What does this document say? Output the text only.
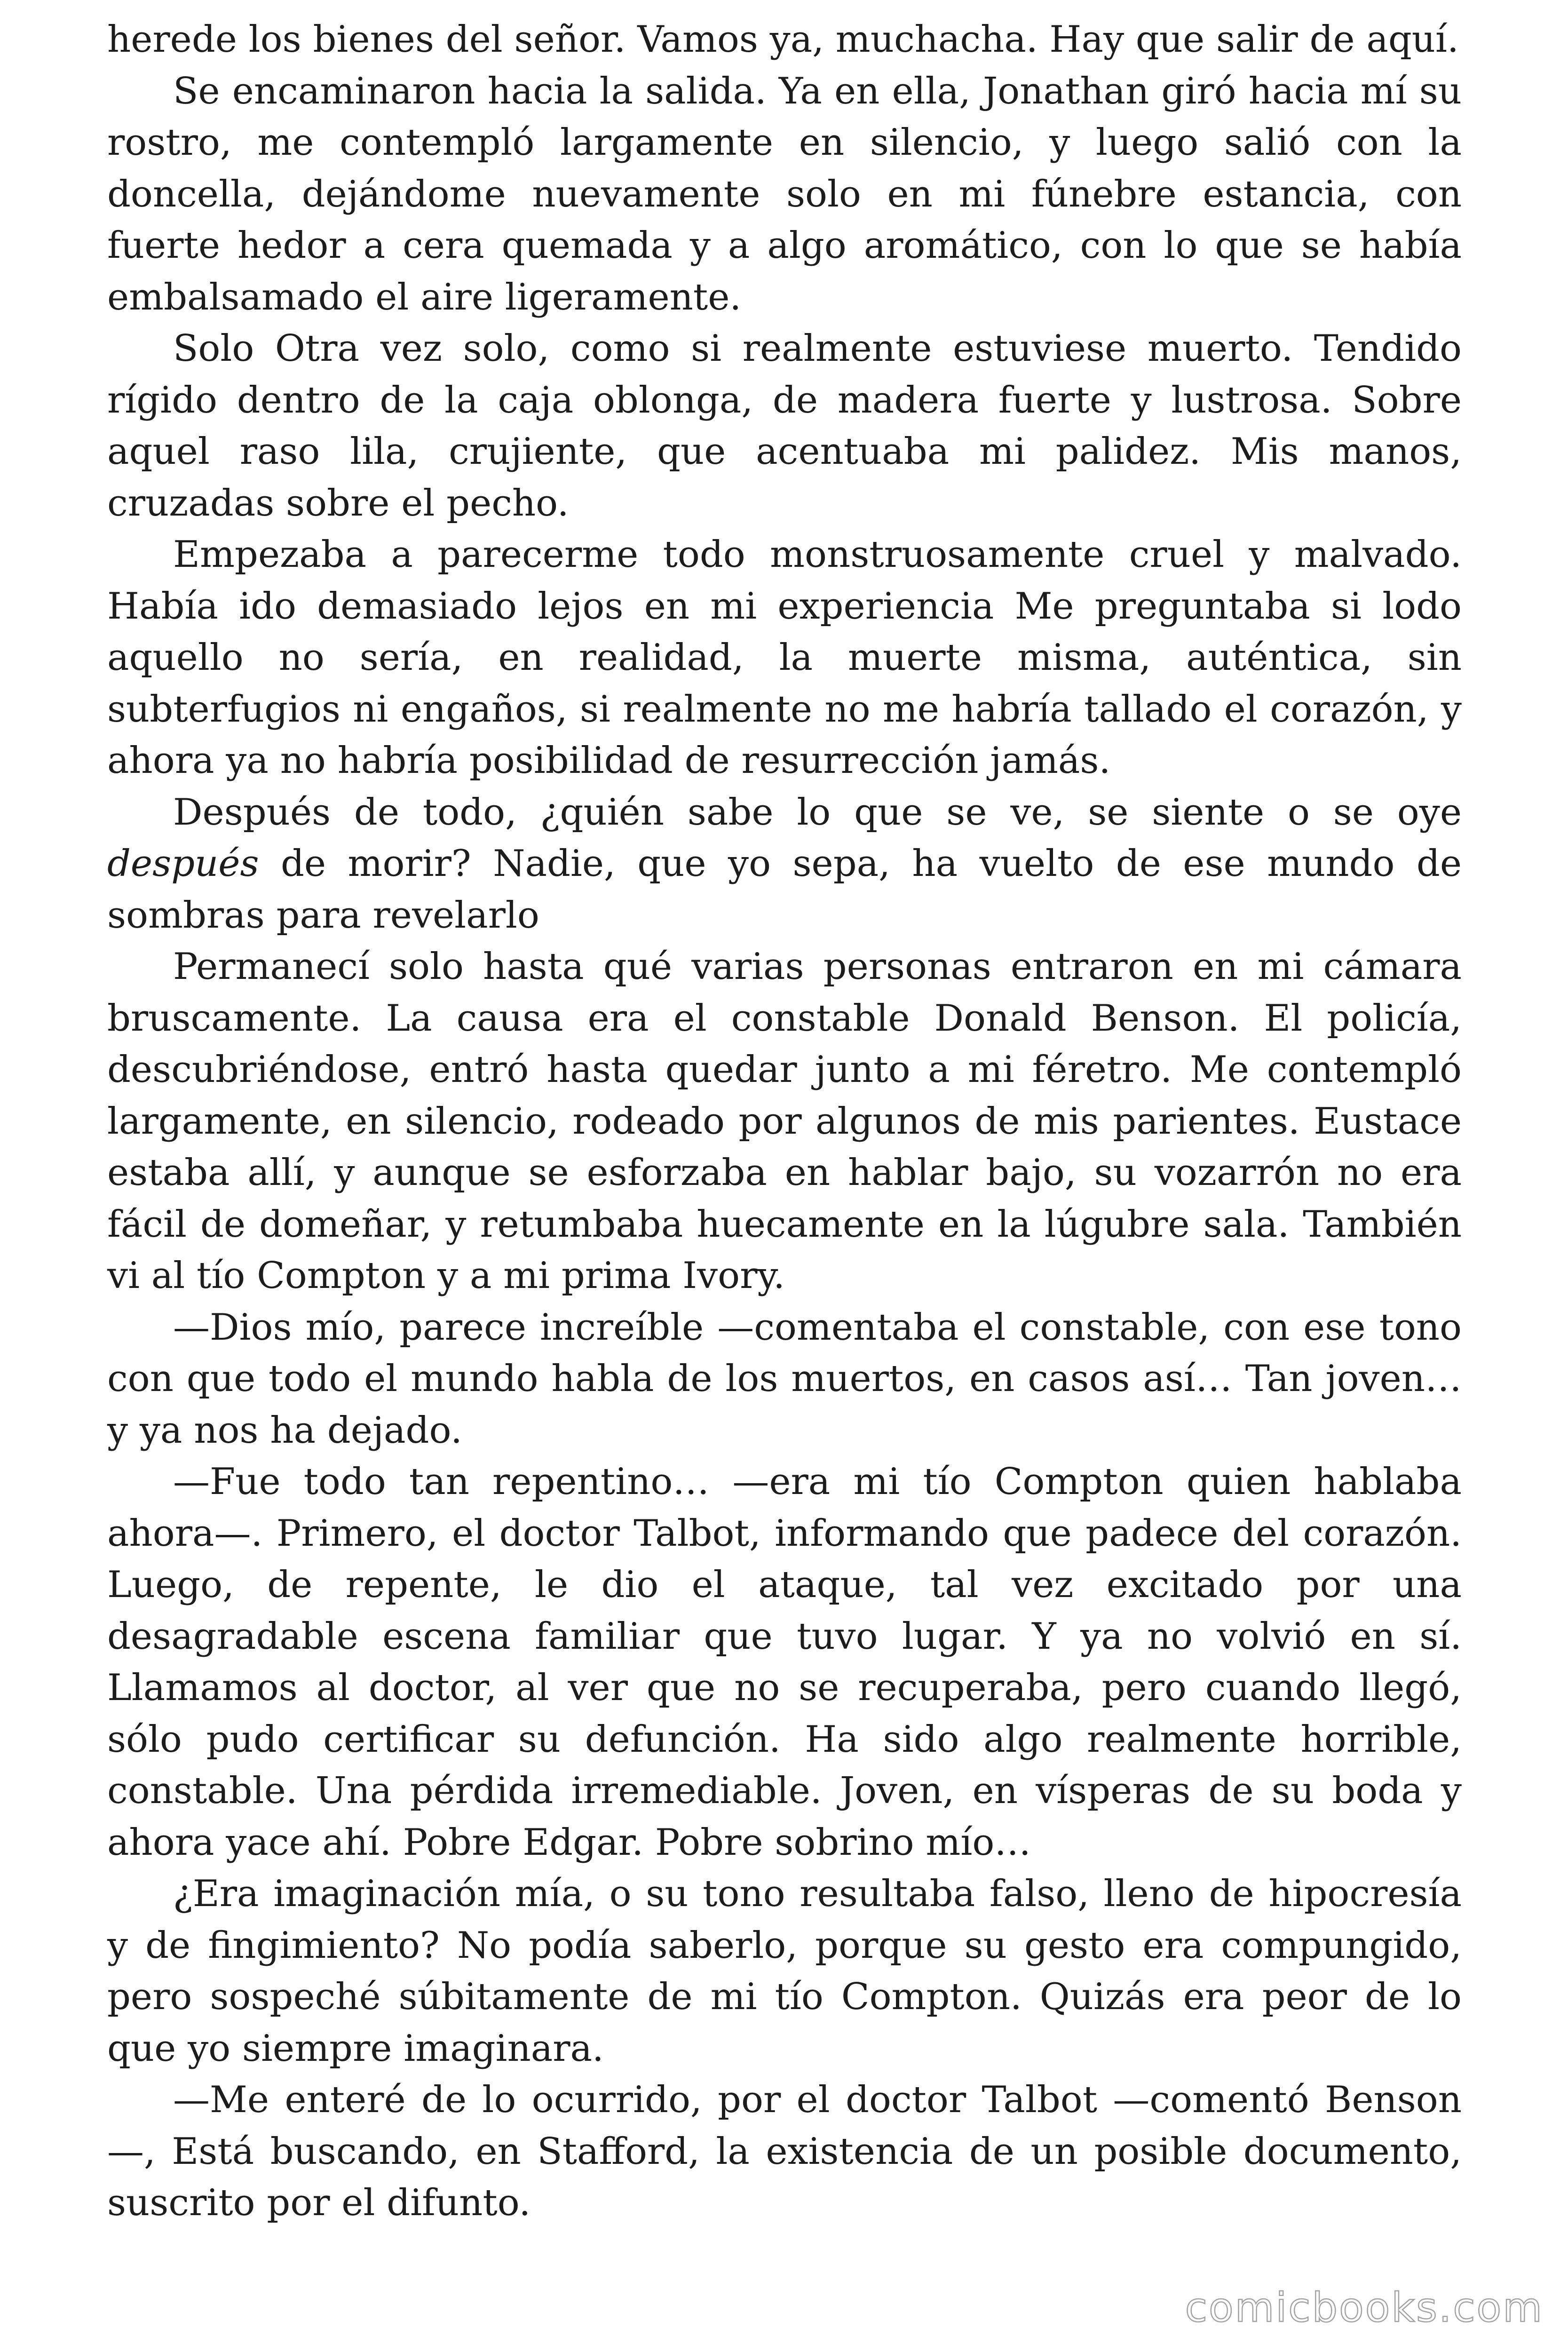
herede los bienes del señor. Vamos ya, muchacha. Hay que salir de aquí.

Se encaminaron hacia la salida. Ya en ella, Jonathan giró hacia mí su rostro, me contempló largamente en silencio, y luego salió con la doncella, dejándome nuevamente solo en mi fúnebre estancia, con fuerte hedor a cera quemada y a algo aromático, con lo que se había embalsamado el aire ligeramente.

Solo Otra vez solo, como si realmente estuviese muerto. Tendido rígido dentro de la caja oblonga, de madera fuerte y lustrosa. Sobre aquel raso lila, crujiente, que acentuaba mi palidez. Mis manos, cruzadas sobre el pecho.

Empezaba a parecerme todo monstruosamente cruel y malvado. Había ido demasiado lejos en mi experiencia Me preguntaba si lodo aquello no sería, en realidad, la muerte misma, auténtica, sin subterfugios ni engaños, si realmente no me habría tallado el corazón, y ahora ya no habría posibilidad de resurrección jamás.

Después de todo, ¿quién sabe lo que se ve, se siente o se oye después de morir? Nadie, que yo sepa, ha vuelto de ese mundo de sombras para revelarlo

Permanecí solo hasta qué varias personas entraron en mi cámara bruscamente. La causa era el constable Donald Benson. El policía, descubriéndose, entró hasta quedar junto a mi féretro. Me contempló largamente, en silencio, rodeado por algunos de mis parientes. Eustace estaba allí, y aunque se esforzaba en hablar bajo, su vozarrón no era fácil de domeñar, y retumbaba huecamente en la lúgubre sala. También vi al tío Compton y a mi prima Ivory.

—Dios mío, parece increíble —comentaba el constable, con ese tono con que todo el mundo habla de los muertos, en casos así… Tan joven… y ya nos ha dejado.

—Fue todo tan repentino… —era mi tío Compton quien hablaba ahora—. Primero, el doctor Talbot, informando que padece del corazón. Luego, de repente, le dio el ataque, tal vez excitado por una desagradable escena familiar que tuvo lugar. Y ya no volvió en sí. Llamamos al doctor, al ver que no se recuperaba, pero cuando llegó, sólo pudo certificar su defunción. Ha sido algo realmente horrible, constable. Una pérdida irremediable. Joven, en vísperas de su boda y ahora yace ahí. Pobre Edgar. Pobre sobrino mío…

¿Era imaginación mía, o su tono resultaba falso, lleno de hipocresía y de fingimiento? No podía saberlo, porque su gesto era compungido, pero sospeché súbitamente de mi tío Compton. Quizás era peor de lo que yo siempre imaginara.

—Me enteré de lo ocurrido, por el doctor Talbot —comentó Benson—, Está buscando, en Stafford, la existencia de un posible documento, suscrito por el difunto.

comicbooks.com
